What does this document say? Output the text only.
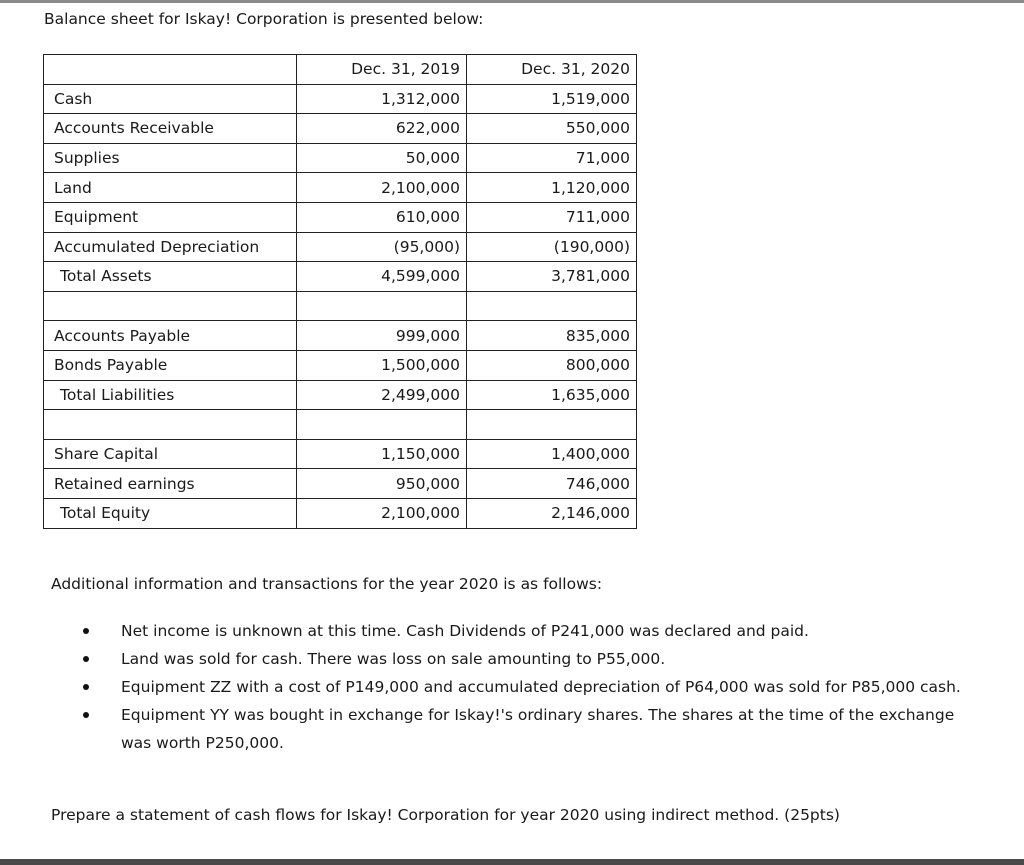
Balance sheet for Iskay! Corporation is presented below:
	Dec. 31, 2019	Dec. 31, 2020
Cash	1,312,000	1,519,000
Accounts Receivable	622,000	550,000
Supplies	50,000	71,000
Land	2,100,000	1,120,000
Equipment	610,000	711,000
Accumulated Depreciation	(95,000)	(190,000)
Total Assets	4,599,000	3,781,000

Accounts Payable	999,000	835,000
Bonds Payable	1,500,000	800,000
Total Liabilities	2,499,000	1,635,000

Share Capital	1,150,000	1,400,000
Retained earnings	950,000	746,000
Total Equity	2,100,000	2,146,000
Additional information and transactions for the year 2020 is as follows:
Net income is unknown at this time. Cash Dividends of P241,000 was declared and paid.
Land was sold for cash. There was loss on sale amounting to P55,000.
Equipment ZZ with a cost of P149,000 and accumulated depreciation of P64,000 was sold for P85,000 cash.
Equipment YY was bought in exchange for Iskay!'s ordinary shares. The shares at the time of the exchange was worth P250,000.
Prepare a statement of cash flows for Iskay! Corporation for year 2020 using indirect method. (25pts)
